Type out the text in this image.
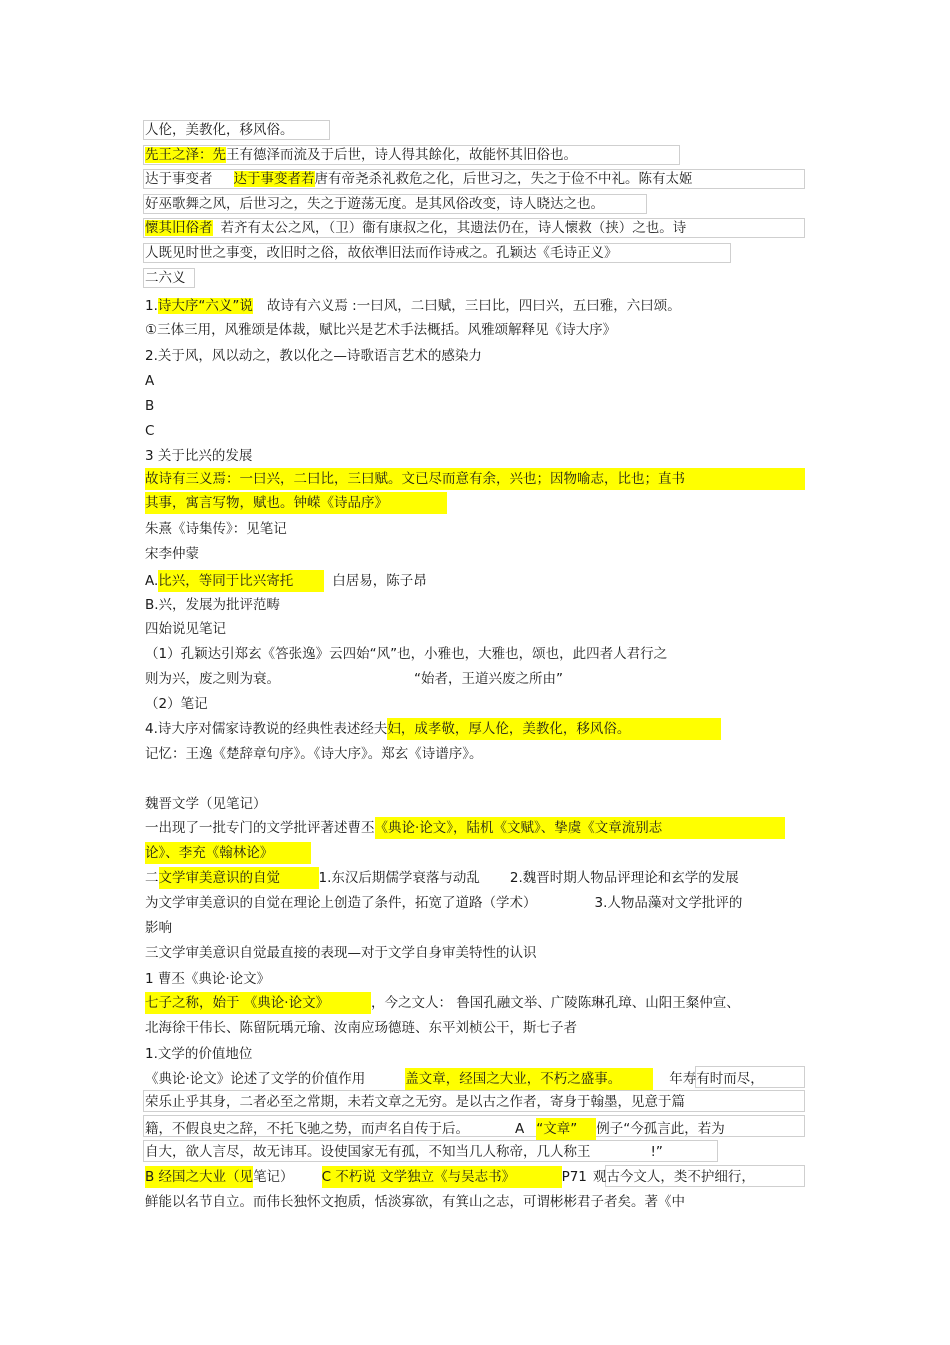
人伦，美教化，移风俗。
先王之泽：先王有德泽而流及于后世，诗人得其餘化，故能怀其旧俗也。
达于事变者 达于事变者若唐有帝尧杀礼救危之化，后世习之，失之于俭不中礼。陈有太姬
好巫歌舞之风，后世习之，失之于遊荡无度。是其风俗改变，诗人晓达之也。
懷其旧俗者 若齐有太公之风，（卫）衞有康叔之化，其遗法仍在，诗人懷救（挟）之也。诗
人既见时世之事变，改旧时之俗，故依凖旧法而作诗戒之。孔颖达《毛诗正义》
二六义
1.诗大序“六义”说 故诗有六义焉 :一曰风，二曰赋，三曰比，四曰兴，五曰雅，六曰颂。
①三体三用，风雅颂是体裁，赋比兴是艺术手法概括。风雅颂解释见《诗大序》
2.关于风，风以动之，教以化之—诗歌语言艺术的感染力
A
B
C
3 关于比兴的发展
故诗有三义焉：一曰兴，二曰比，三曰赋。文已尽而意有余，兴也；因物喻志，比也；直书
其事，寓言写物，赋也。钟嵘《诗品序》
朱熹《诗集传》：见笔记
宋李仲蒙
A.比兴，等同于比兴寄托	白居易，陈子昂
B.兴，发展为批评范畴
四始说见笔记
（1）孔颖达引郑玄《答张逸》云四始“风”也，小雅也，大雅也，颂也，此四者人君行之
则为兴，废之则为衰。	“始者，王道兴废之所由”
（2）笔记
4.诗大序对儒家诗教说的经典性表述经夫妇，成孝敬，厚人伦，美教化，移风俗。
记忆：王逸《楚辞章句序》。《诗大序》。郑玄《诗谱序》。
魏晋文学（见笔记）
一出现了一批专门的文学批评著述曹丕《典论·论文》，陆机《文赋》、挚虞《文章流别志
论》、李充《翰林论》
二文学审美意识的自觉	1.东汉后期儒学衰落与动乱 2.魏晋时期人物品评理论和玄学的发展
为文学审美意识的自觉在理论上创造了条件，拓宽了道路（学术）	3.人物品藻对文学批评的
影响
三文学审美意识自觉最直接的表现—对于文学自身审美特性的认识
1 曹丕《典论·论文》
七子之称，始于 《典论·论文》	，今之文人： 鲁国孔融文举、广陵陈琳孔璋、山阳王粲仲宣、
北海徐干伟长、陈留阮瑀元瑜、汝南应玚德琏、东平刘桢公干，斯七子者
1.文学的价值地位
《典论·论文》论述了文学的价值作用	盖文章，经国之大业，不朽之盛事。	年寿有时而尽，
荣乐止乎其身，二者必至之常期，未若文章之无穷。是以古之作者，寄身于翰墨，见意于篇
籍，不假良史之辞，不托飞驰之势，而声名自传于后。	A “文章” 例子“今孤言此，若为
自大，欲人言尽，故无讳耳。设使国家无有孤，不知当几人称帝，几人称王	!”
B 经国之大业（见笔记） C 不朽说 文学独立《与吴志书》	P71 观古今文人，类不护细行，
鲜能以名节自立。而伟长独怀文抱质，恬淡寡欲，有箕山之志，可谓彬彬君子者矣。著《中
